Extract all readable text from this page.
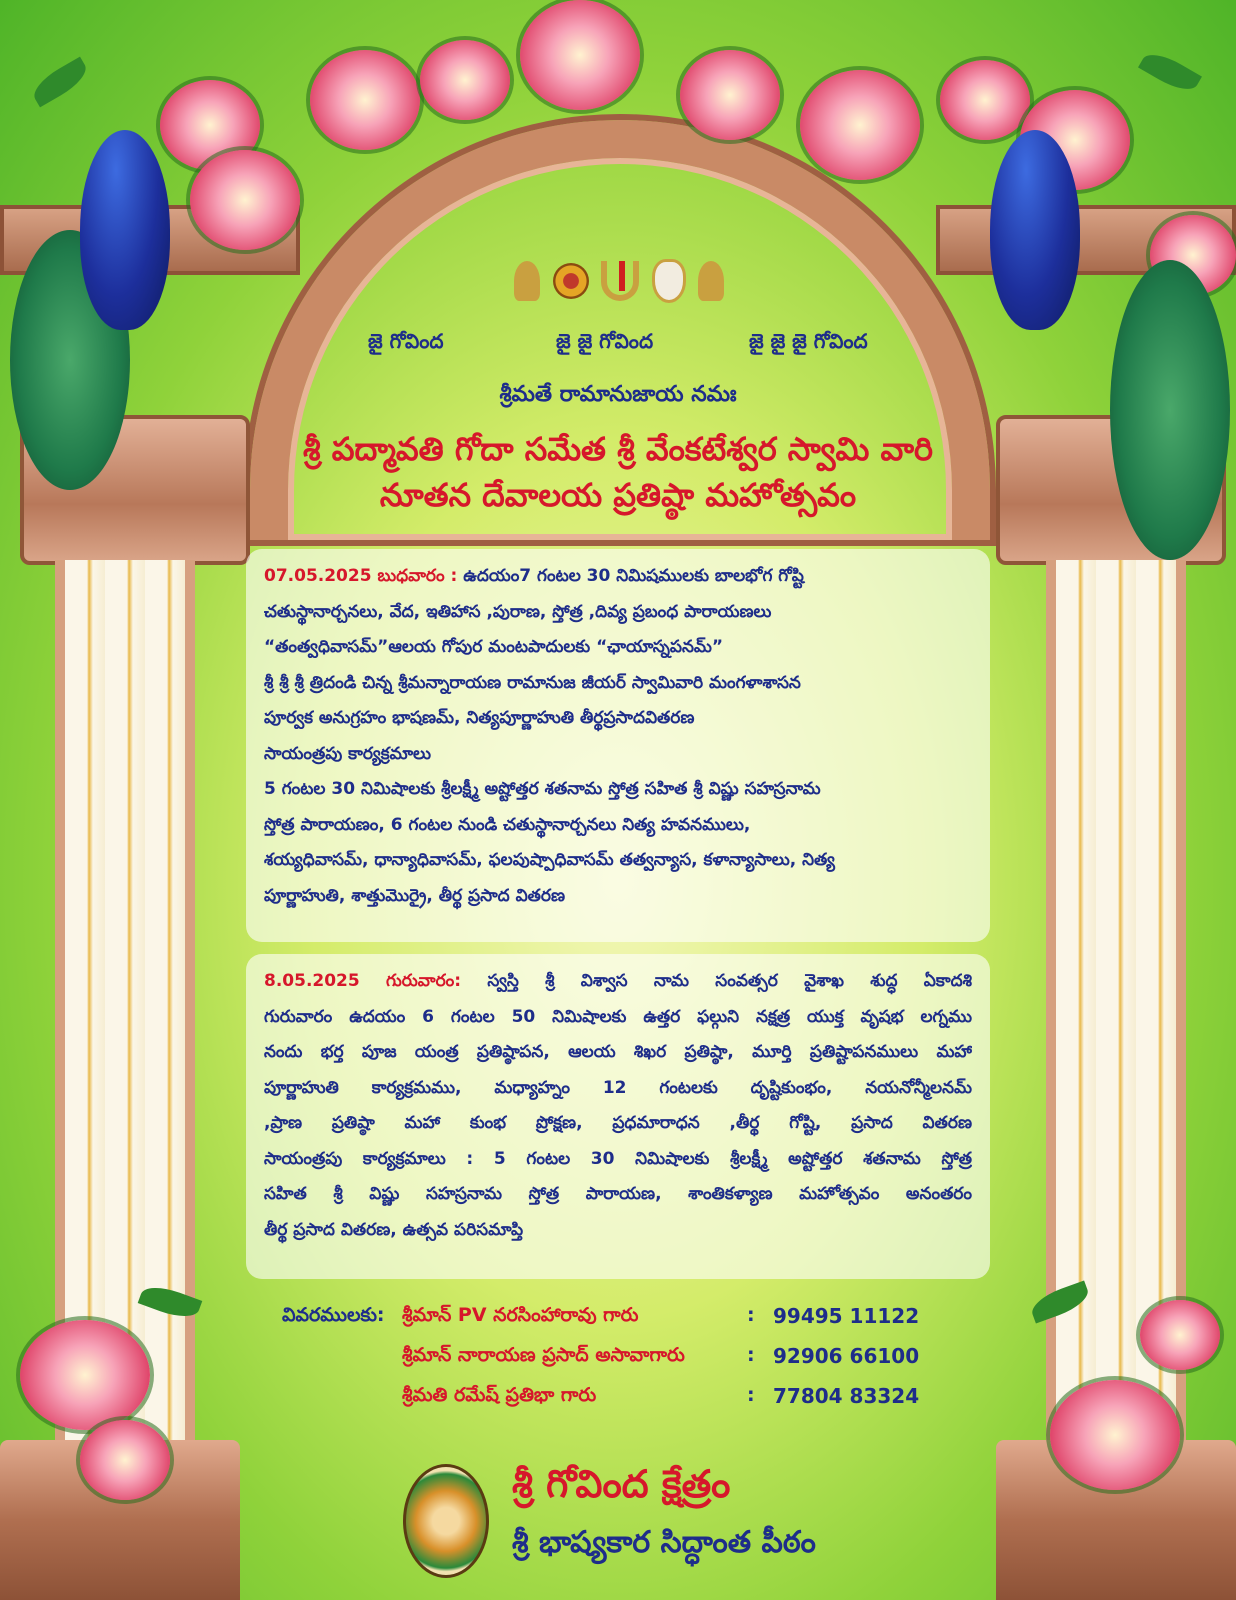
జై గోవింద	జై జై గోవింద	జై జై జై గోవింద
శ్రీమతే రామానుజాయ నమః
శ్రీ పద్మావతి గోదా సమేత శ్రీ వేంకటేశ్వర స్వామి వారి
నూతన దేవాలయ ప్రతిష్ఠా మహోత్సవం
07.05.2025 బుధవారం : ఉదయం7 గంటల 30 నిమిషములకు బాలభోగ గోష్టి
చతుస్థానార్చనలు, వేద, ఇతిహాస ,పురాణ, స్తోత్ర ,దివ్య ప్రబంధ పారాయణలు
“తంత్వధివాసమ్”ఆలయ గోపుర మంటపాదులకు “ఛాయాస్నపనమ్”
శ్రీ శ్రీ శ్రీ త్రిదండి చిన్న శ్రీమన్నారాయణ రామానుజ జీయర్ స్వామివారి మంగళాశాసన
పూర్వక అనుగ్రహం భాషణమ్, నిత్యపూర్ణాహుతి తీర్థప్రసాదవితరణ
సాయంత్రపు కార్యక్రమాలు
5 గంటల 30 నిమిషాలకు శ్రీలక్ష్మీ అష్టోత్తర శతనామ స్తోత్ర సహిత శ్రీ విష్ణు సహస్రనామ
స్తోత్ర పారాయణం, 6 గంటల నుండి చతుస్థానార్చనలు నిత్య హవనములు,
శయ్యధివాసమ్, ధాన్యాధివాసమ్, ఫలపుష్పాధివాసమ్ తత్వన్యాస, కళాన్యాసాలు, నిత్య
పూర్ణాహుతి, శాత్తుమొర్రై, తీర్థ ప్రసాద వితరణ
8.05.2025 గురువారం: స్వస్తి శ్రీ విశ్వాస నామ సంవత్సర వైశాఖ శుద్ధ ఏకాదశి
గురువారం ఉదయం 6 గంటల 50 నిమిషాలకు ఉత్తర ఫల్గుని నక్షత్ర యుక్త వృషభ లగ్నము
నందు భర్త పూజ యంత్ర ప్రతిష్ఠాపన, ఆలయ శిఖర ప్రతిష్ఠా, మూర్తి ప్రతిష్టాపనములు మహా
పూర్ణాహుతి కార్యక్రమము, మధ్యాహ్నం 12 గంటలకు దృష్టికుంభం, నయనోన్మీలనమ్
,ప్రాణ ప్రతిష్ఠా మహా కుంభ ప్రోక్షణ, ప్రధమారాధన ,తీర్థ గోష్టి, ప్రసాద వితరణ
సాయంత్రపు కార్యక్రమాలు : 5 గంటల 30 నిమిషాలకు శ్రీలక్ష్మీ అష్టోత్తర శతనామ స్తోత్ర
సహిత శ్రీ విష్ణు సహస్రనామ స్తోత్ర పారాయణ, శాంతికళ్యాణ మహోత్సవం అనంతరం
తీర్థ ప్రసాద వితరణ, ఉత్సవ పరిసమాప్తి
వివరములకు: శ్రీమాన్ PV నరసింహారావు గారు	: 99495 11122
శ్రీమాన్ నారాయణ ప్రసాద్ అసావాగారు	: 92906 66100
శ్రీమతి రమేష్ ప్రతిభా గారు	: 77804 83324
శ్రీ గోవింద క్షేత్రం
శ్రీ భాష్యకార సిద్ధాంత పీఠం
